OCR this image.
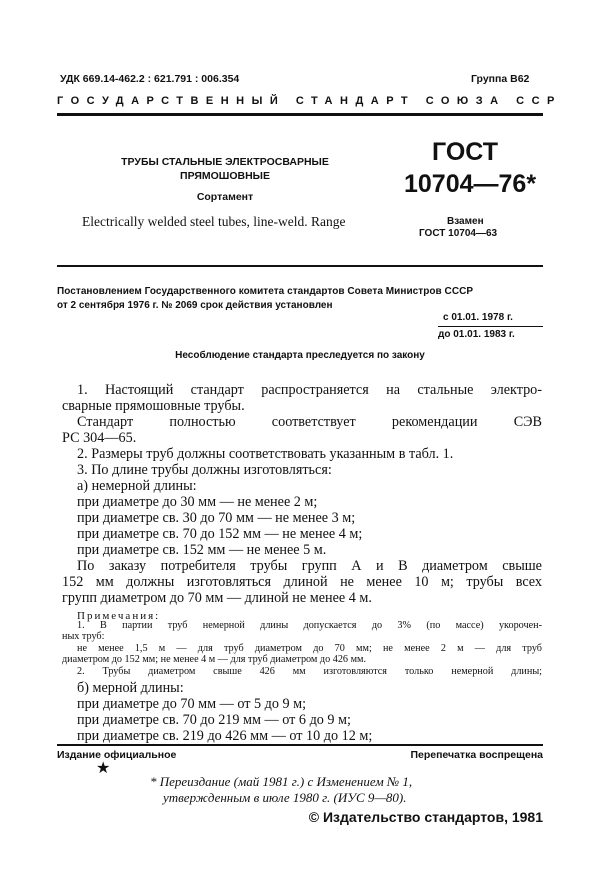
УДК 669.14-462.2 : 621.791 : 006.354	Группа В62
ГОСУДАРСТВЕННЫЙ СТАНДАРТ СОЮЗА ССР
ТРУБЫ СТАЛЬНЫЕ ЭЛЕКТРОСВАРНЫЕ
ПРЯМОШОВНЫЕ
Сортамент
Electrically welded steel tubes, line-weld. Range
ГОСТ
10704—76*
Взамен
ГОСТ 10704—63
Постановлением Государственного комитета стандартов Совета Министров СССР
от 2 сентября 1976 г. № 2069 срок действия установлен
с 01.01. 1978 г.
до 01.01. 1983 г.
Несоблюдение стандарта преследуется по закону
1. Настоящий стандарт распространяется на стальные электро-
сварные прямошовные трубы.
Стандарт полностью соответствует рекомендации СЭВ
РС 304—65.
2. Размеры труб должны соответствовать указанным в табл. 1.
3. По длине трубы должны изготовляться:
а) немерной длины:
при диаметре до 30 мм — не менее 2 м;
при диаметре св. 30 до 70 мм — не менее 3 м;
при диаметре св. 70 до 152 мм — не менее 4 м;
при диаметре св. 152 мм — не менее 5 м.
По заказу потребителя трубы групп А и В диаметром свыше
152 мм должны изготовляться длиной не менее 10 м; трубы всех
групп диаметром до 70 мм — длиной не менее 4 м.
Примечания:
1. В партии труб немерной длины допускается до 3% (по массе) укорочен-
ных труб:
не менее 1,5 м — для труб диаметром до 70 мм; не менее 2 м — для труб
диаметром до 152 мм; не менее 4 м — для труб диаметром до 426 мм.
2. Трубы диаметром свыше 426 мм изготовляются только немерной длины;
б) мерной длины:
при диаметре до 70 мм — от 5 до 9 м;
при диаметре св. 70 до 219 мм — от 6 до 9 м;
при диаметре св. 219 до 426 мм — от 10 до 12 м;
Издание официальное	Перепечатка воспрещена
★
* Переиздание (май 1981 г.) с Изменением № 1,
утвержденным в июле 1980 г. (ИУС 9—80).
© Издательство стандартов, 1981
